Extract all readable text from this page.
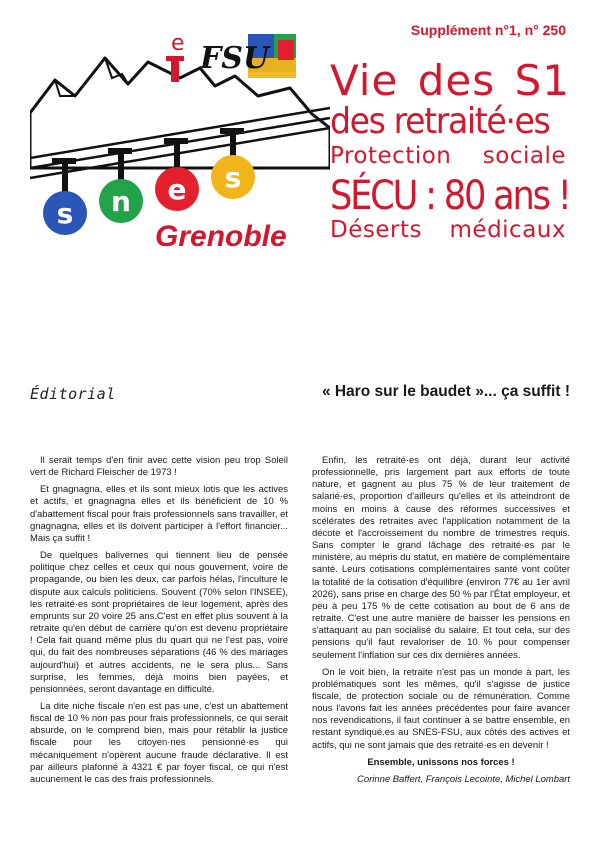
FSU
e
s n e s
Grenoble
Supplément n°1, n° 250
Vie des S1
des retraité·es
Protection sociale
SÉCU : 80 ans !
Déserts médicaux
Éditorial	« Haro sur le baudet »... ça suffit !

Il serait temps d'en finir avec cette vision peu trop Soleil vert de Richard Fleischer de 1973 !

Et gnagnagna, elles et ils sont mieux lotis que les actives et actifs, et gnagnagna elles et ils bénéficient de 10 % d'abattement fiscal pour frais professionnels sans travailler, et gnagnagna, elles et ils doivent participer à l'effort financier... Mais ça suffit !

De quelques balivernes qui tiennent lieu de pensée politique chez celles et ceux qui nous gouvernent, voire de propagande, ou bien les deux, car parfois hélas, l'inculture le dispute aux calculs politiciens. Souvent (70% selon l'INSEE), les retraité·es sont propriétaires de leur logement, après des emprunts sur 20 voire 25 ans.C'est en effet plus souvent à la retraite qu'en début de carrière qu'on est devenu propriétaire ! Cela fait quand même plus du quart qui ne l'est pas, voire qui, du fait des nombreuses séparations (46 % des mariages aujourd'hui) et autres accidents, ne le sera plus... Sans surprise, les femmes, déjà moins bien payées, et pensionnées, seront davantage en difficulté.

La dite niche fiscale n'en est pas une, c'est un abattement fiscal de 10 % non pas pour frais professionnels, ce qui serait absurde, on le comprend bien, mais pour rétablir la justice fiscale pour les citoyen·nes pensionné·es qui mécaniquement n'opèrent aucune fraude déclarative. Il est par ailleurs plafonné à 4321 € par foyer fiscal, ce qui n'est aucunement le cas des frais professionnels.

Enfin, les retraité·es ont déjà, durant leur activité professionnelle, pris largement part aux efforts de toute nature, et gagnent au plus 75 % de leur traitement de salarié·es, proportion d'ailleurs qu'elles et ils atteindront de moins en moins à cause des réformes successives et scélérates des retraites avec l'application notamment de la décote et l'accroissement du nombre de trimestres requis. Sans compter le grand lâchage des retraité·es par le ministère, au mépris du statut, en matière de complémentaire santé. Leurs cotisations complémentaires santé vont coûter la totalité de la cotisation d'équilibre (environ 77€ au 1er avril 2026), sans prise en charge des 50 % par l'État employeur, et peu à peu 175 % de cette cotisation au bout de 6 ans de retraite. C'est une autre manière de baisser les pensions en s'attaquant au pan socialisé du salaire. Et tout cela, sur des pensions qu'il faut revaloriser de 10 % pour compenser seulement l'inflation sur ces dix dernières années.

On le voit bien, la retraite n'est pas un monde à part, les problématiques sont les mêmes, qu'il s'agisse de justice fiscale, de protection sociale ou de rémunération. Comme nous l'avons fait les années précédentes pour faire avancer nos revendications, il faut continuer à se battre ensemble, en restant syndiqué.es au SNES-FSU, aux côtés des actives et actifs, qui ne sont jamais que des retraité·es en devenir !

Ensemble, unissons nos forces !

Corinne Baffert, François Lecointe, Michel Lombart
